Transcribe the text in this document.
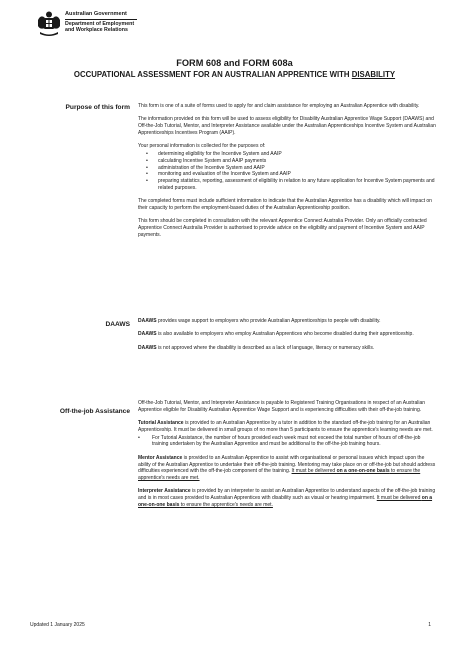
Australian Government
Department of Employment
and Workplace Relations
FORM 608 and FORM 608a
OCCUPATIONAL ASSESSMENT FOR AN AUSTRALIAN APPRENTICE WITH DISABILITY
Purpose of this form This form is one of a suite of forms used to apply for and claim assistance for employing an Australian Apprentice with disability.

The information provided on this form will be used to assess eligibility for Disability Australian Apprentice Wage Support (DAAWS) and Off-the-Job Tutorial, Mentor, and Interpreter Assistance available under the Australian Apprenticeships Incentive System and Australian Apprenticeships Incentives Program (AAIP).

Your personal information is collected for the purposes of:

• determining eligibility for the Incentive System and AAIP
• calculating Incentive System and AAIP payments
• administration of the Incentive System and AAIP
• monitoring and evaluation of the Incentive System and AAIP
• preparing statistics, reporting, assessment of eligibility in relation to any future application for Incentive System payments and related purposes.

The completed forms must include sufficient information to indicate that the Australian Apprentice has a disability which will impact on their capacity to perform the employment-based duties of the Australian Apprenticeship position.

This form should be completed in consultation with the relevant Apprentice Connect Australia Provider. Only an officially contracted Apprentice Connect Australia Provider is authorised to provide advice on the eligibility and payment of Incentive System and AAIP payments.

DAAWS DAAWS provides wage support to employers who provide Australian Apprenticeships to people with disability.

DAAWS is also available to employers who employ Australian Apprentices who become disabled during their apprenticeship.

DAAWS is not approved where the disability is described as a lack of language, literacy or numeracy skills.

Off-the-job Assistance

Off-the-Job Tutorial, Mentor, and Interpreter Assistance is payable to Registered Training Organisations in respect of an Australian Apprentice eligible for Disability Australian Apprentice Wage Support and is experiencing difficulties with their off-the-job training.

Tutorial Assistance is provided to an Australian Apprentice by a tutor in addition to the standard off-the-job training for an Australian Apprenticeship. It must be delivered in small groups of no more than 5 participants to ensure the apprentice's learning needs are met.

• For Tutorial Assistance, the number of hours provided each week must not exceed the total number of hours of off-the-job training undertaken by the Australian Apprentice and must be additional to the off-the-job training hours.

Mentor Assistance is provided to an Australian Apprentice to assist with organisational or personal issues which impact upon the ability of the Australian Apprentice to undertake their off-the-job training. Mentoring may take place on or off-the-job but should address difficulties experienced with the off-the-job component of the training. It must be delivered on a one-on-one basis to ensure the apprentice's needs are met.

Interpreter Assistance is provided by an interpreter to assist an Australian Apprentice to understand aspects of the off-the-job training and is in most cases provided to Australian Apprentices with disability such as visual or hearing impairment. It must be delivered on a one-on-one basis to ensure the apprentice's needs are met.

Updated 1 January 2025	1
